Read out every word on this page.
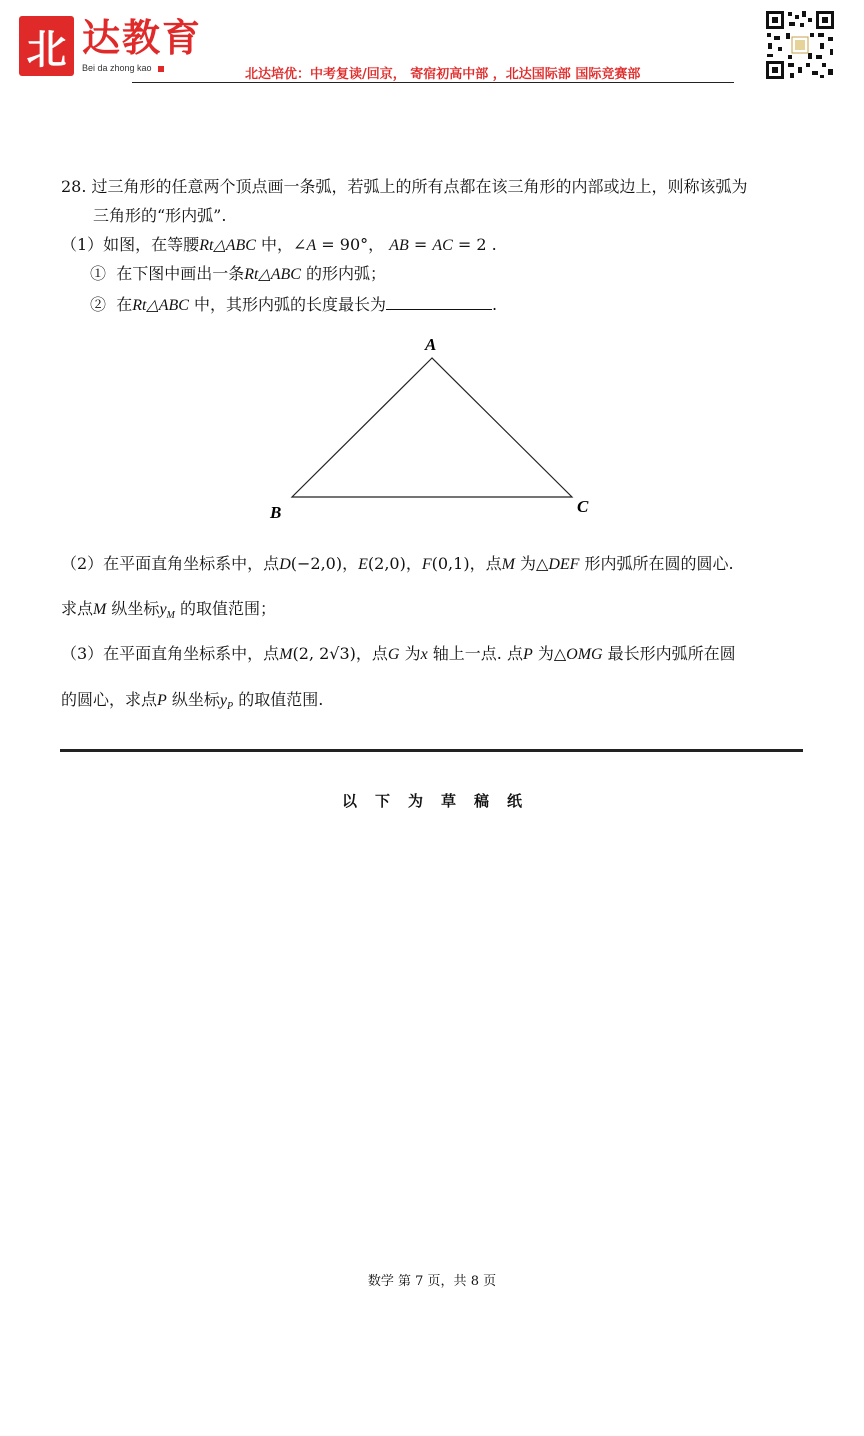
北 达教育
Bei da zhong kao	北达培优：中考复读/回京， 寄宿初高中部 ，北达国际部 国际竞赛部
28. 过三角形的任意两个顶点画一条弧，若弧上的所有点都在该三角形的内部或边上，则称该弧为
三角形的“形内弧”.
（1）如图，在等腰Rt△ABC 中，∠A = 90°， AB = AC = 2 .
① 在下图中画出一条Rt△ABC 的形内弧；
② 在Rt△ABC 中，其形内弧的长度最长为	.
A
B	C
（2）在平面直角坐标系中，点D(−2,0)，E(2,0)，F(0,1)，点M 为△DEF 形内弧所在圆的圆心.
求点M 纵坐标$y_M$ 的取值范围；
（3）在平面直角坐标系中，点M(2, 2√3)，点G 为x 轴上一点. 点P 为△OMG 最长形内弧所在圆
的圆心，求点P 纵坐标$y_P$ 的取值范围.
以下为草稿纸
数学 第 7 页，共 8 页
